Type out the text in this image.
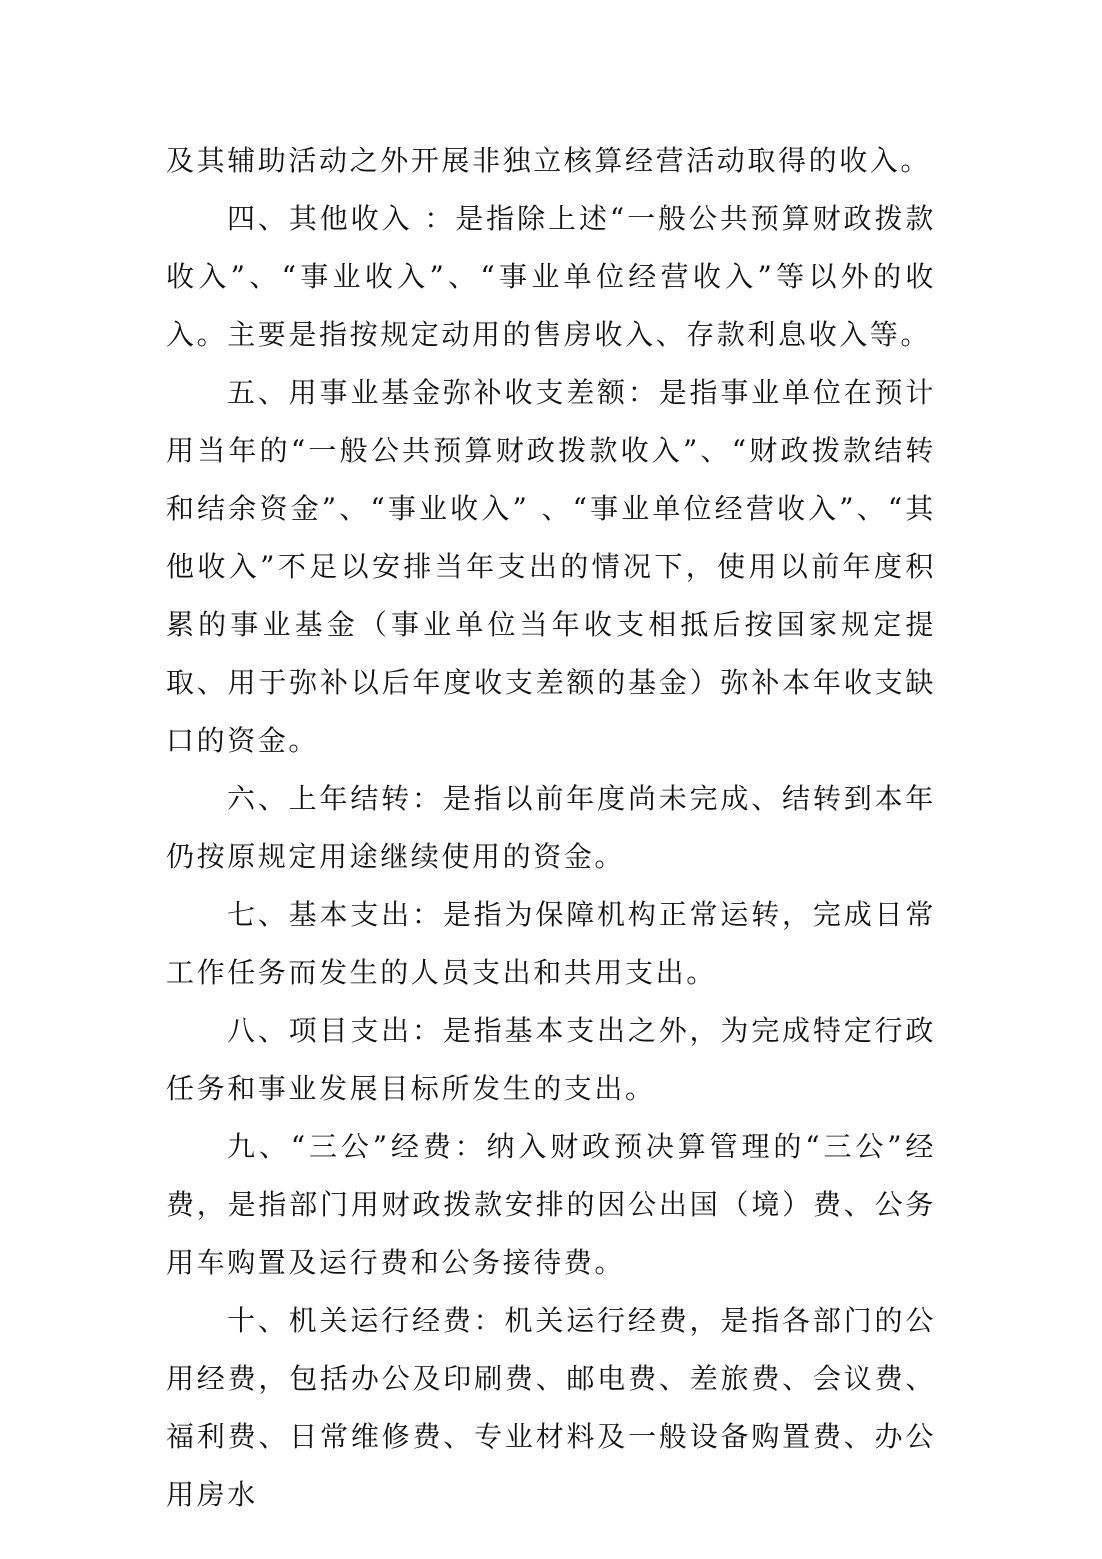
及其辅助活动之外开展非独立核算经营活动取得的收入。

四、其他收入 ：是指除上述“一般公共预算财政拨款收入”、“事业收入”、“事业单位经营收入”等以外的收入。主要是指按规定动用的售房收入、存款利息收入等。

五、用事业基金弥补收支差额：是指事业单位在预计用当年的“一般公共预算财政拨款收入”、“财政拨款结转和结余资金”、“事业收入” 、“事业单位经营收入”、“其他收入”不足以安排当年支出的情况下，使用以前年度积累的事业基金（事业单位当年收支相抵后按国家规定提取、用于弥补以后年度收支差额的基金）弥补本年收支缺口的资金。

六、上年结转：是指以前年度尚未完成、结转到本年仍按原规定用途继续使用的资金。

七、基本支出：是指为保障机构正常运转，完成日常工作任务而发生的人员支出和共用支出。

八、项目支出：是指基本支出之外，为完成特定行政任务和事业发展目标所发生的支出。

九、“三公”经费：纳入财政预决算管理的“三公”经费，是指部门用财政拨款安排的因公出国（境）费、公务用车购置及运行费和公务接待费。

十、机关运行经费：机关运行经费，是指各部门的公用经费，包括办公及印刷费、邮电费、差旅费、会议费、福利费、日常维修费、专业材料及一般设备购置费、办公用房水
